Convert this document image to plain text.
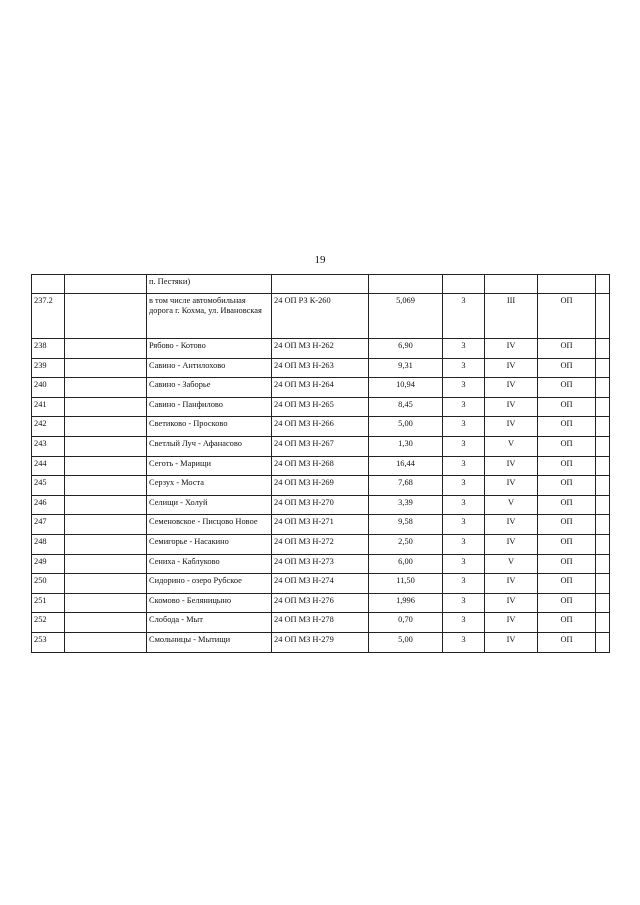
19
		п. Пестяки)						
237.2		в том числе автомобильная дорога г. Кохма, ул. Ивановская	24 ОП РЗ К-260	5,069	3	III	ОП	
238		Рябово - Котово	24 ОП МЗ Н-262	6,90	3	IV	ОП	
239		Савино - Антилохово	24 ОП МЗ Н-263	9,31	3	IV	ОП	
240		Савино - Заборье	24 ОП МЗ Н-264	10,94	3	IV	ОП	
241		Савино - Панфилово	24 ОП МЗ Н-265	8,45	3	IV	ОП	
242		Светиково - Просково	24 ОП МЗ Н-266	5,00	3	IV	ОП	
243		Светлый Луч - Афанасово	24 ОП МЗ Н-267	1,30	3	V	ОП	
244		Сеготь - Марищи	24 ОП МЗ Н-268	16,44	3	IV	ОП	
245		Серзух - Моста	24 ОП МЗ Н-269	7,68	3	IV	ОП	
246		Селищи - Холуй	24 ОП МЗ Н-270	3,39	3	V	ОП	
247		Семеновское - Писцово Новое	24 ОП МЗ Н-271	9,58	3	IV	ОП	
248		Семигорье - Насакино	24 ОП МЗ Н-272	2,50	3	IV	ОП	
249		Сениха - Каблуково	24 ОП МЗ Н-273	6,00	3	V	ОП	
250		Сидорино - озеро Рубское	24 ОП МЗ Н-274	11,50	3	IV	ОП	
251		Скомово - Беляницыно	24 ОП МЗ Н-276	1,996	3	IV	ОП	
252		Слобода - Мыт	24 ОП МЗ Н-278	0,70	3	IV	ОП	
253		Смольницы - Мытищи	24 ОП МЗ Н-279	5,00	3	IV	ОП	
